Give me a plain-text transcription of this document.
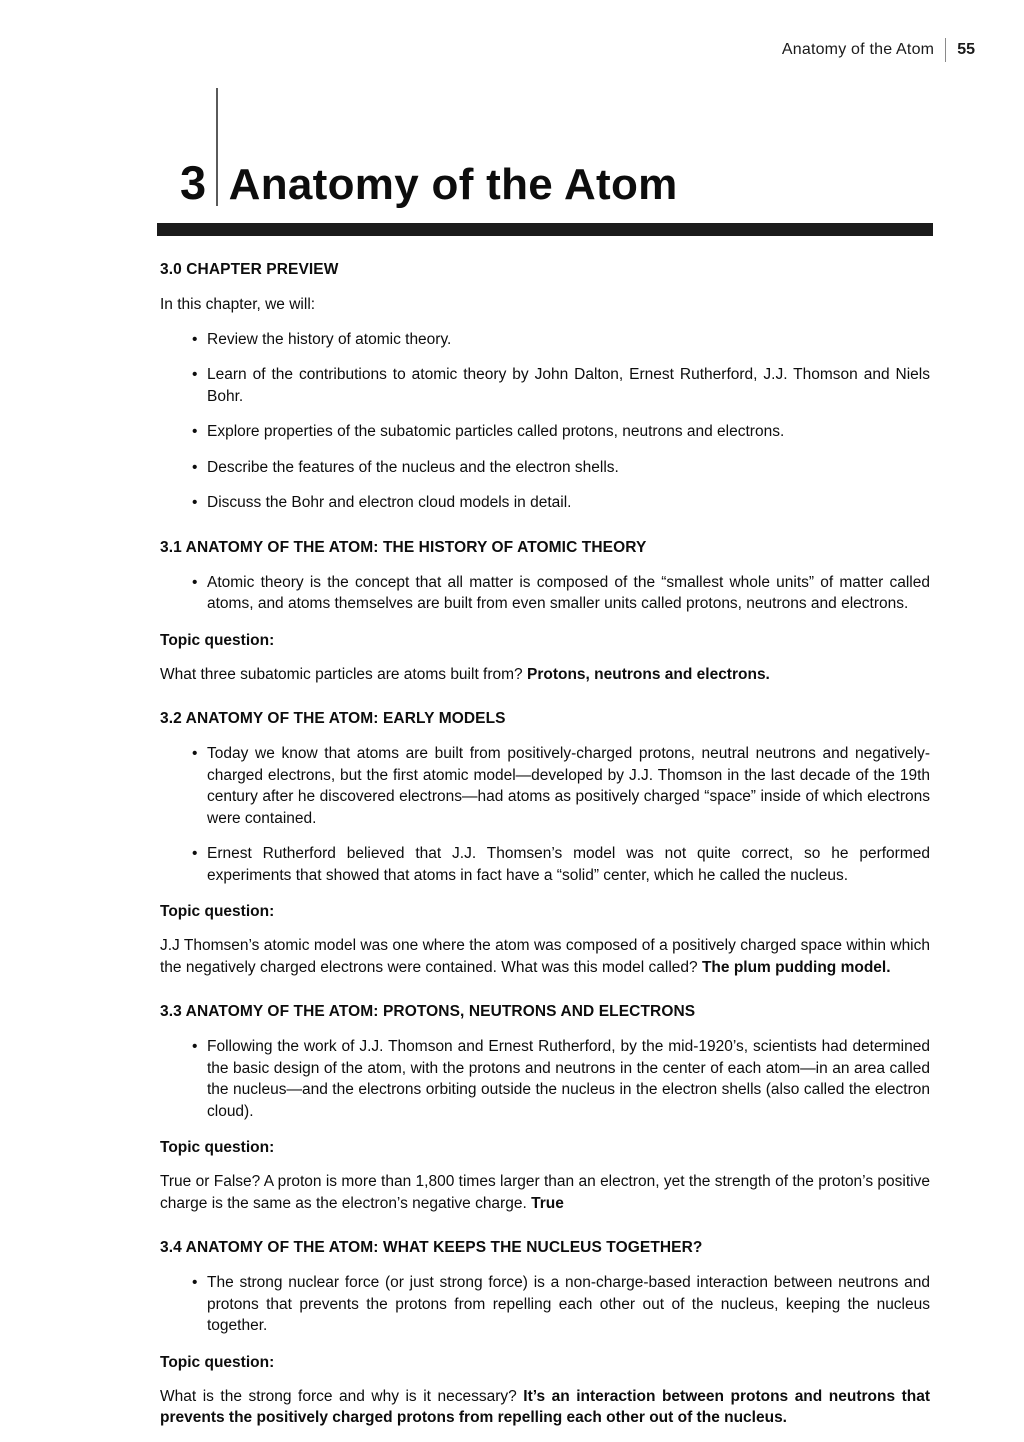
Anatomy of the Atom 55
3 Anatomy of the Atom
3.0 CHAPTER PREVIEW

In this chapter, we will:

• Review the history of atomic theory.
• Learn of the contributions to atomic theory by John Dalton, Ernest Rutherford, J.J. Thomson and Niels Bohr.
• Explore properties of the subatomic particles called protons, neutrons and electrons.
• Describe the features of the nucleus and the electron shells.
• Discuss the Bohr and electron cloud models in detail.
3.1 ANATOMY OF THE ATOM: THE HISTORY OF ATOMIC THEORY
• Atomic theory is the concept that all matter is composed of the “smallest whole units” of matter called atoms, and atoms themselves are built from even smaller units called protons, neutrons and electrons.

Topic question:

What three subatomic particles are atoms built from? Protons, neutrons and electrons.

3.2 ANATOMY OF THE ATOM: EARLY MODELS
• Today we know that atoms are built from positively-charged protons, neutral neutrons and negatively-charged electrons, but the first atomic model—developed by J.J. Thomson in the last decade of the 19th century after he discovered electrons—had atoms as positively charged “space” inside of which electrons were contained.
• Ernest Rutherford believed that J.J. Thomsen’s model was not quite correct, so he performed experiments that showed that atoms in fact have a “solid” center, which he called the nucleus.

Topic question:

J.J Thomsen’s atomic model was one where the atom was composed of a positively charged space within which the negatively charged electrons were contained. What was this model called? The plum pudding model.

3.3 ANATOMY OF THE ATOM: PROTONS, NEUTRONS AND ELECTRONS
• Following the work of J.J. Thomson and Ernest Rutherford, by the mid-1920’s, scientists had determined the basic design of the atom, with the protons and neutrons in the center of each atom—in an area called the nucleus—and the electrons orbiting outside the nucleus in the electron shells (also called the electron cloud).

Topic question:

True or False? A proton is more than 1,800 times larger than an electron, yet the strength of the proton’s positive charge is the same as the electron’s negative charge. True

3.4 ANATOMY OF THE ATOM: WHAT KEEPS THE NUCLEUS TOGETHER?
• The strong nuclear force (or just strong force) is a non-charge-based interaction between neutrons and protons that prevents the protons from repelling each other out of the nucleus, keeping the nucleus together.

Topic question:

What is the strong force and why is it necessary? It’s an interaction between protons and neutrons that prevents the positively charged protons from repelling each other out of the nucleus.
